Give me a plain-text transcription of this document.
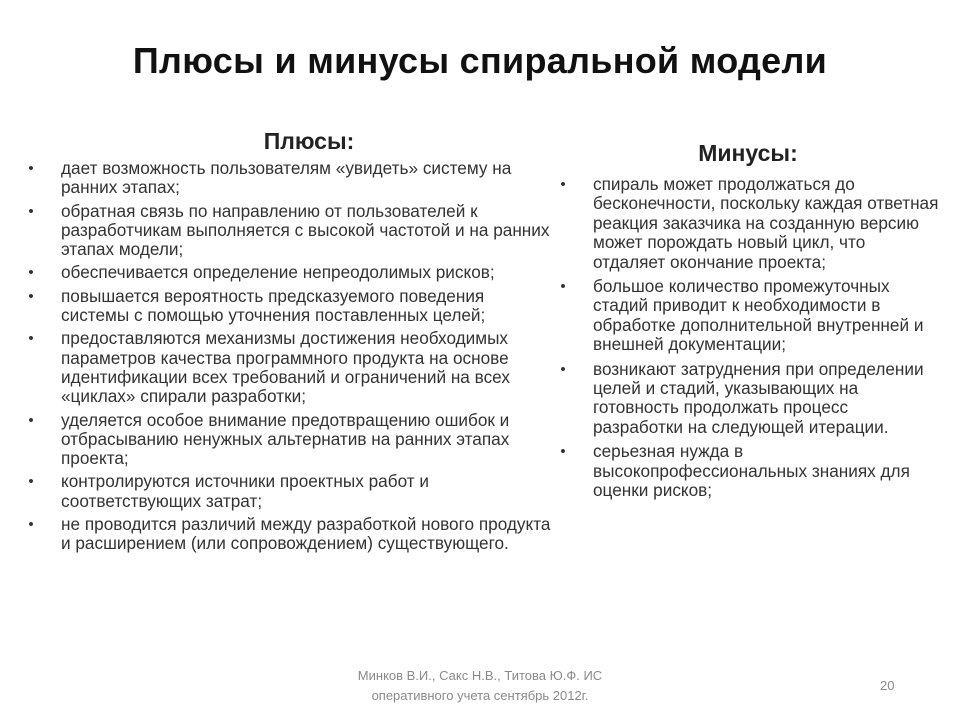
Плюсы и минусы спиральной модели
Плюсы:
• дает возможность пользователям «увидеть» систему на ранних этапах;
• обратная связь по направлению от пользователей к разработчикам выполняется с высокой частотой и на ранних этапах модели;
• обеспечивается определение непреодолимых рисков;
• повышается вероятность предсказуемого поведения системы с помощью уточнения поставленных целей;
• предоставляются механизмы достижения необходимых параметров качества программного продукта на основе идентификации всех требований и ограничений на всех «циклах» спирали разработки;
• уделяется особое внимание предотвращению ошибок и отбрасыванию ненужных альтернатив на ранних этапах проекта;
• контролируются источники проектных работ и соответствующих затрат;
• не проводится различий между разработкой нового продукта и расширением (или сопровождением) существующего.
Минусы:
• спираль может продолжаться до бесконечности, поскольку каждая ответная реакция заказчика на созданную версию может порождать новый цикл, что отдаляет окончание проекта;
• большое количество промежуточных стадий приводит к необходимости в обработке дополнительной внутренней и внешней документации;
• возникают затруднения при определении целей и стадий, указывающих на готовность продолжать процесс разработки на следующей итерации.
• серьезная нужда в высокопрофессиональных знаниях для оценки рисков;
Минков В.И., Сакс Н.В., Титова Ю.Ф. ИС
оперативного учета сентябрь 2012г.
20
